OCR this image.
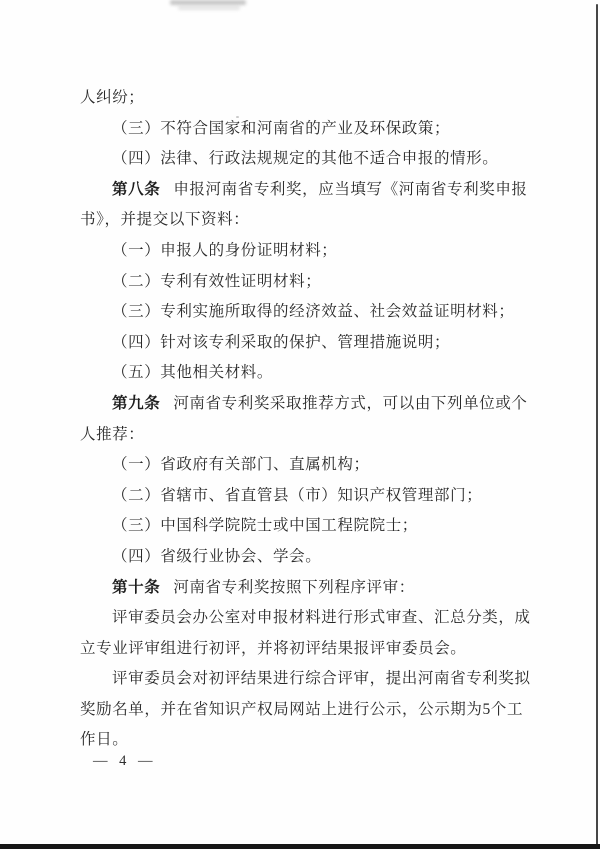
人纠纷；
（三）不符合国家和河南省的产业及环保政策；
（四）法律、行政法规规定的其他不适合申报的情形。
第八条 申报河南省专利奖，应当填写《河南省专利奖申报
书》，并提交以下资料：
（一）申报人的身份证明材料；
（二）专利有效性证明材料；
（三）专利实施所取得的经济效益、社会效益证明材料；
（四）针对该专利采取的保护、管理措施说明；
（五）其他相关材料。
第九条 河南省专利奖采取推荐方式，可以由下列单位或个
人推荐：
（一）省政府有关部门、直属机构；
（二）省辖市、省直管县（市）知识产权管理部门；
（三）中国科学院院士或中国工程院院士；
（四）省级行业协会、学会。
第十条 河南省专利奖按照下列程序评审：
评审委员会办公室对申报材料进行形式审查、汇总分类，成
立专业评审组进行初评，并将初评结果报评审委员会。
评审委员会对初评结果进行综合评审，提出河南省专利奖拟
奖励名单，并在省知识产权局网站上进行公示，公示期为5个工
作日。
— 4 —
